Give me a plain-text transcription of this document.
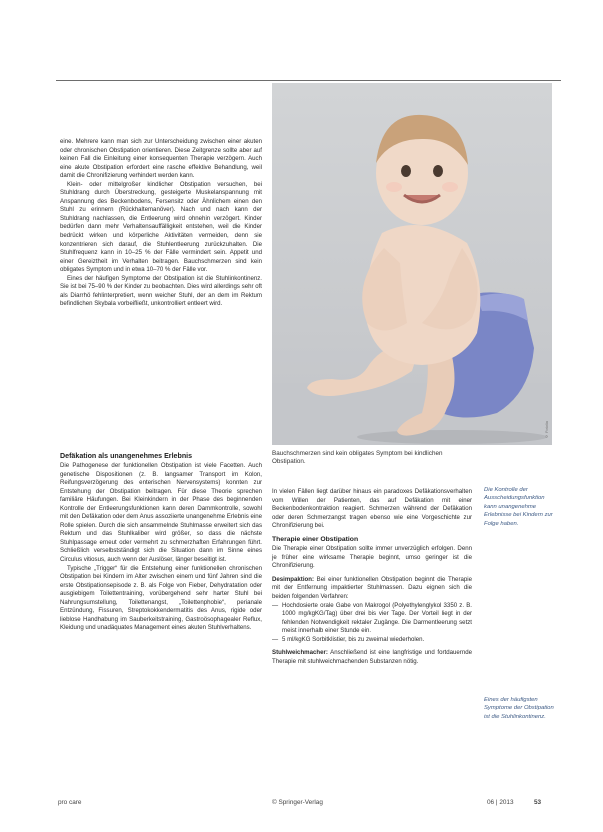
© Fotolia
Bauchschmerzen sind kein obligates Symptom bei kindlichen Obstipation.

eine. Mehrere kann man sich zur Unterscheidung zwischen einer akuten oder chronischen Obstipation orientieren. Diese Zeitgrenze sollte aber auf keinen Fall die Einleitung einer konsequenten Therapie verzögern. Auch eine akute Obstipation erfordert eine rasche effektive Behandlung, weil damit die Chronifizierung verhindert werden kann.

Klein- oder mittelgroßer kindlicher Obstipation versuchen, bei Stuhldrang durch Überstreckung, gesteigerte Muskelanspannung mit Anspannung des Beckenbodens, Fersensitz oder Ähnlichem einen den Stuhl zu erinnern (Rückhaltemanöver). Nach und nach kann der Stuhldrang nachlassen, die Entleerung wird ohnehin verzögert. Kinder bedürfen dann mehr Verhaltensauffälligkeit entstehen, weil die Kinder bedrückt wirken und körperliche Aktivitäten vermeiden, denn sie konzentrieren sich darauf, die Stuhlentleerung zurückzuhalten. Die Stuhlfrequenz kann in 10–25 % der Fälle vermindert sein. Appetit und einer Gereiztheit im Verhalten beitragen. Bauchschmerzen sind kein obligates Symptom und in etwa 10–70 % der Fälle vor.

Eines der häufigen Symptome der Obstipation ist die Stuhlinkontinenz. Sie ist bei 75–90 % der Kinder zu beobachten. Dies wird allerdings sehr oft als Diarrhö fehlinterpretiert, wenn weicher Stuhl, der an dem im Rektum befindlichen Skybala vorbeifließt, unkontrolliert entleert wird.

Defäkation als unangenehmes Erlebnis

Die Pathogenese der funktionellen Obstipation ist viele Facetten. Auch genetische Dispositionen (z. B. langsamer Transport im Kolon, Reifungsverzögerung des enterischen Nervensystems) konnten zur Entstehung der Obstipation beitragen. Für diese Theorie sprechen familiäre Häufungen. Bei Kleinkindern in der Phase des beginnenden Kontrolle der Entleerungsfunktionen kann deren Dammkontrolle, sowohl mit den Defäkation oder dem Anus assoziierte unangenehme Erlebnis eine Rolle spielen. Durch die sich ansammelnde Stuhlmasse erweitert sich das Rektum und das Stuhlkaliber wird größer, so dass die nächste Stuhlpassage erneut oder vermehrt zu schmerzhaften Erfahrungen führt. Schließlich verselbstständigt sich die Situation dann im Sinne eines Circulus vitiosus, auch wenn der Auslöser, länger beseitigt ist.

Typische „Trigger“ für die Entstehung einer funktionellen chronischen Obstipation bei Kindern im Alter zwischen einem und fünf Jahren sind die erste Obstipationsepisode z. B. als Folge von Fieber, Dehydratation oder ausgiebigem Toilettentraining, vorübergehend sehr harter Stuhl bei Nahrungsumstellung, Toilettenangst, „Toilettenphobie“, perianale Entzündung, Fissuren, Streptokokkendermatitis des Anus, rigide oder lieblose Handhabung im Sauberkeitstraining, Gastroösophagealer Reflux, Kleidung und unadäquates Management eines akuten Stuhlverhaltens.

In vielen Fällen liegt darüber hinaus ein paradoxes Defäkationsverhalten vom Willen der Patienten, das auf Defäkation mit einer Beckenbodenkontraktion reagiert. Schmerzen während der Defäkation oder deren Schmerzangst tragen ebenso wie eine Vorgeschichte zur Chronifizierung bei.

Therapie einer Obstipation

Die Therapie einer Obstipation sollte immer unverzüglich erfolgen. Denn je früher eine wirksame Therapie beginnt, umso geringer ist die Chronifizierung.

Desimpaktion: Bei einer funktionellen Obstipation beginnt die Therapie mit der Entfernung impaktierter Stuhlmassen. Dazu eignen sich die beiden folgenden Verfahren:

— Hochdosierte orale Gabe von Makrogol (Polyethylenglykol 3350 z. B. 1000 mg/kgKG/Tag) über drei bis vier Tage. Der Vorteil liegt in der fehlenden Notwendigkeit rektaler Zugänge. Die Darmentleerung setzt meist innerhalb einer Stunde ein.
— 5 ml/kgKG Sorbitklistier, bis zu zweimal wiederholen.

Stuhlweichmacher: Anschließend ist eine langfristige und fortdauernde Therapie mit stuhlweichmachenden Substanzen nötig.

Die Kontrolle der Ausscheidungsfunktion kann unangenehme Erlebnisse bei Kindern zur Folge haben.
Eines der häufigsten Symptome der Obstipation ist die Stuhlinkontinenz.
pro care	© Springer-Verlag	06 | 2013	53
